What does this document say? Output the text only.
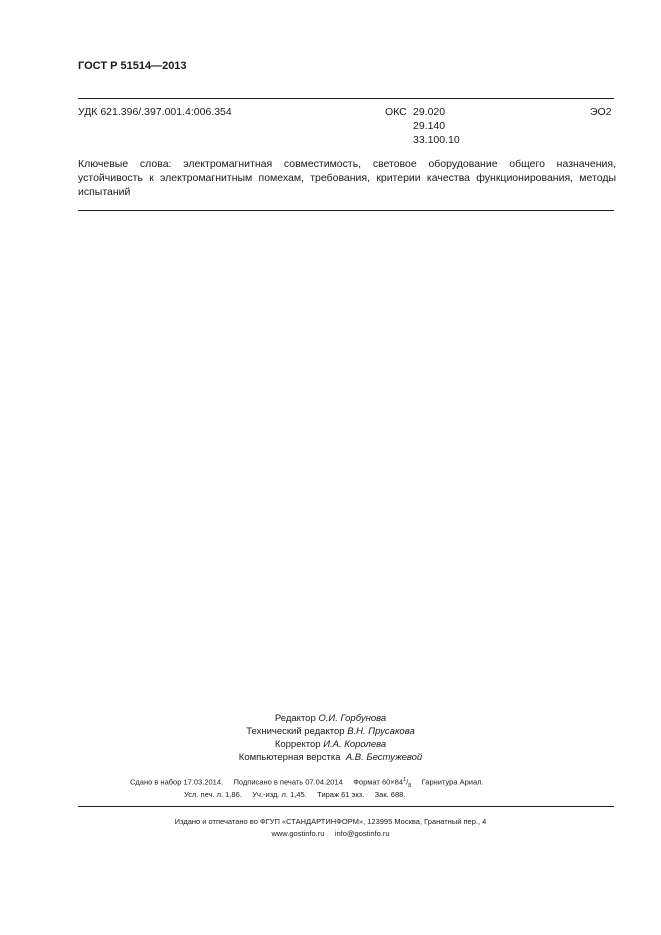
ГОСТ Р 51514—2013
УДК 621.396/.397.001.4:006.354	ОКС 29.020
29.140
33.100.10
ЭО2
Ключевые слова: электромагнитная совместимость, световое оборудование общего назначения, устойчивость к электромагнитным помехам, требования, критерии качества функционирования, методы испытаний
Редактор О.И. Горбунова
Технический редактор В.Н. Прусакова
Корректор И.А. Королева
Компьютерная верстка А.В. Бестужевой
Сдано в набор 17.03.2014. Подписано в печать 07.04.2014 Формат $60\times 84^1/_8$ Гарнитура Ариал.
Усл. печ. л. 1,86. Уч.-изд. л. 1,45. Тираж 61 экз. Зак. 688.
Издано и отпечатано во ФГУП «СТАНДАРТИНФОРМ», 123995 Москва, Гранатный пер., 4
www.gostinfo.ru info@gostinfo.ru
